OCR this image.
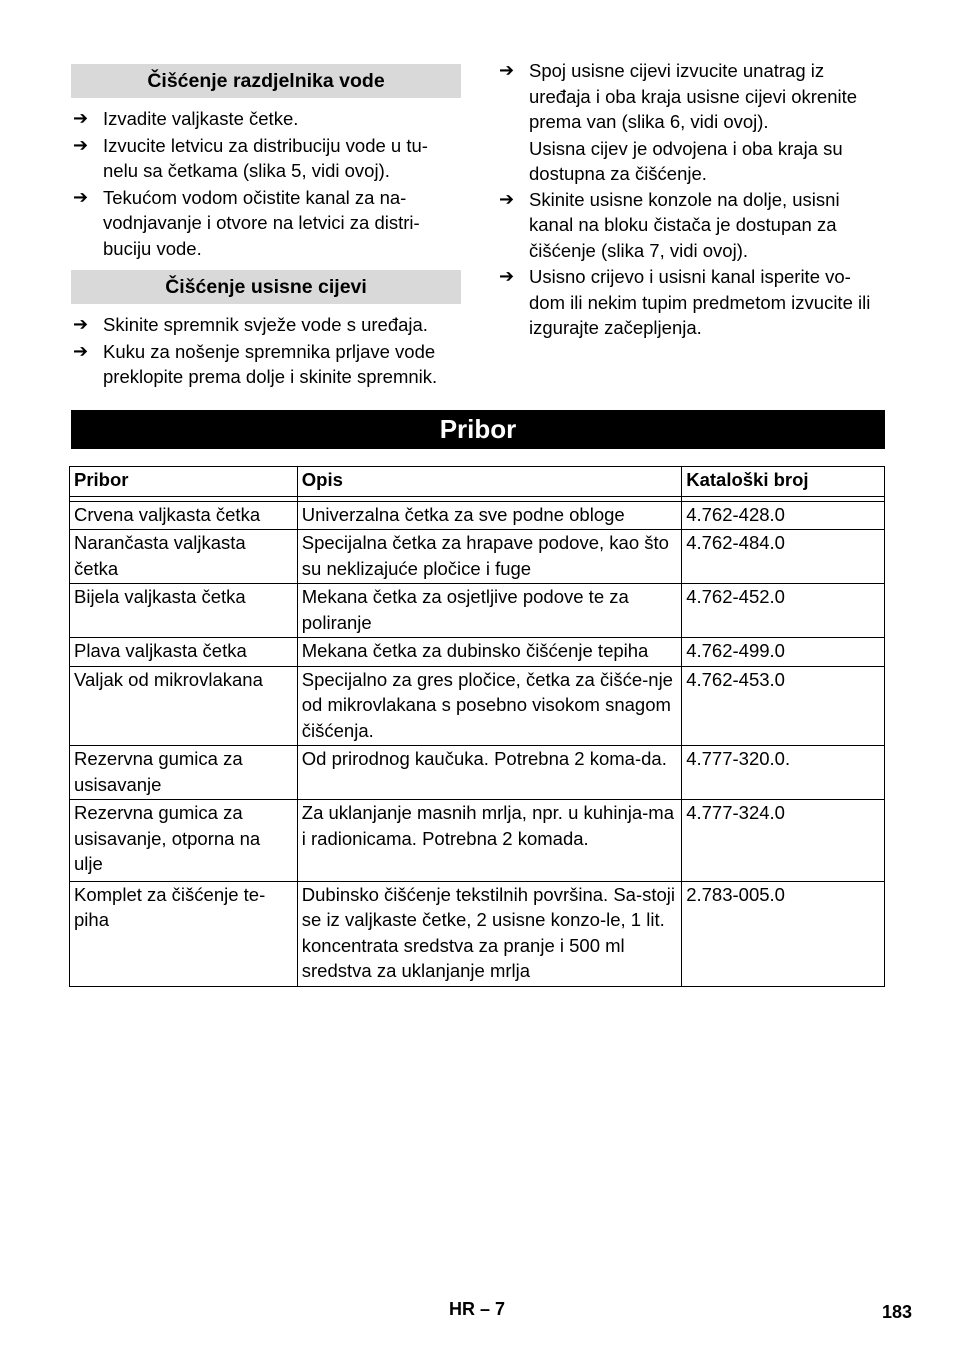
Čišćenje razdjelnika vode
➔ Izvadite valjkaste četke.
➔ Izvucite letvicu za distribuciju vode u tu-nelu sa četkama (slika 5, vidi ovoj).
➔ Tekućom vodom očistite kanal za na-vodnjavanje i otvore na letvici za distri-buciju vode.
Čišćenje usisne cijevi
➔ Skinite spremnik svježe vode s uređaja.
➔ Kuku za nošenje spremnika prljave vode preklopite prema dolje i skinite spremnik.
➔ Spoj usisne cijevi izvucite unatrag iz uređaja i oba kraja usisne cijevi okrenite prema van (slika 6, vidi ovoj).
Usisna cijev je odvojena i oba kraja su dostupna za čišćenje.
➔ Skinite usisne konzole na dolje, usisni kanal na bloku čistača je dostupan za čišćenje (slika 7, vidi ovoj).
➔ Usisno crijevo i usisni kanal isperite vo-dom ili nekim tupim predmetom izvucite ili izgurajte začepljenja.
Pribor
Pribor	Opis	Kataloški broj

Crvena valjkasta četka	Univerzalna četka za sve podne obloge	4.762-428.0
Narančasta valjkasta četka	Specijalna četka za hrapave podove, kao što su neklizajuće pločice i fuge	4.762-484.0
Bijela valjkasta četka	Mekana četka za osjetljive podove te za poliranje	4.762-452.0
Plava valjkasta četka	Mekana četka za dubinsko čišćenje tepiha	4.762-499.0
Valjak od mikrovlakana	Specijalno za gres pločice, četka za čišće-nje od mikrovlakana s posebno visokom snagom čišćenja.	4.762-453.0
Rezervna gumica za usisavanje	Od prirodnog kaučuka. Potrebna 2 koma-da.	4.777-320.0.
Rezervna gumica za usisavanje, otporna na ulje	Za uklanjanje masnih mrlja, npr. u kuhinja-ma i radionicama. Potrebna 2 komada.	4.777-324.0
Komplet za čišćenje te-piha	Dubinsko čišćenje tekstilnih površina. Sa-stoji se iz valjkaste četke, 2 usisne konzo-le, 1 lit. koncentrata sredstva za pranje i 500 ml sredstva za uklanjanje mrlja	2.783-005.0
HR – 7	183
